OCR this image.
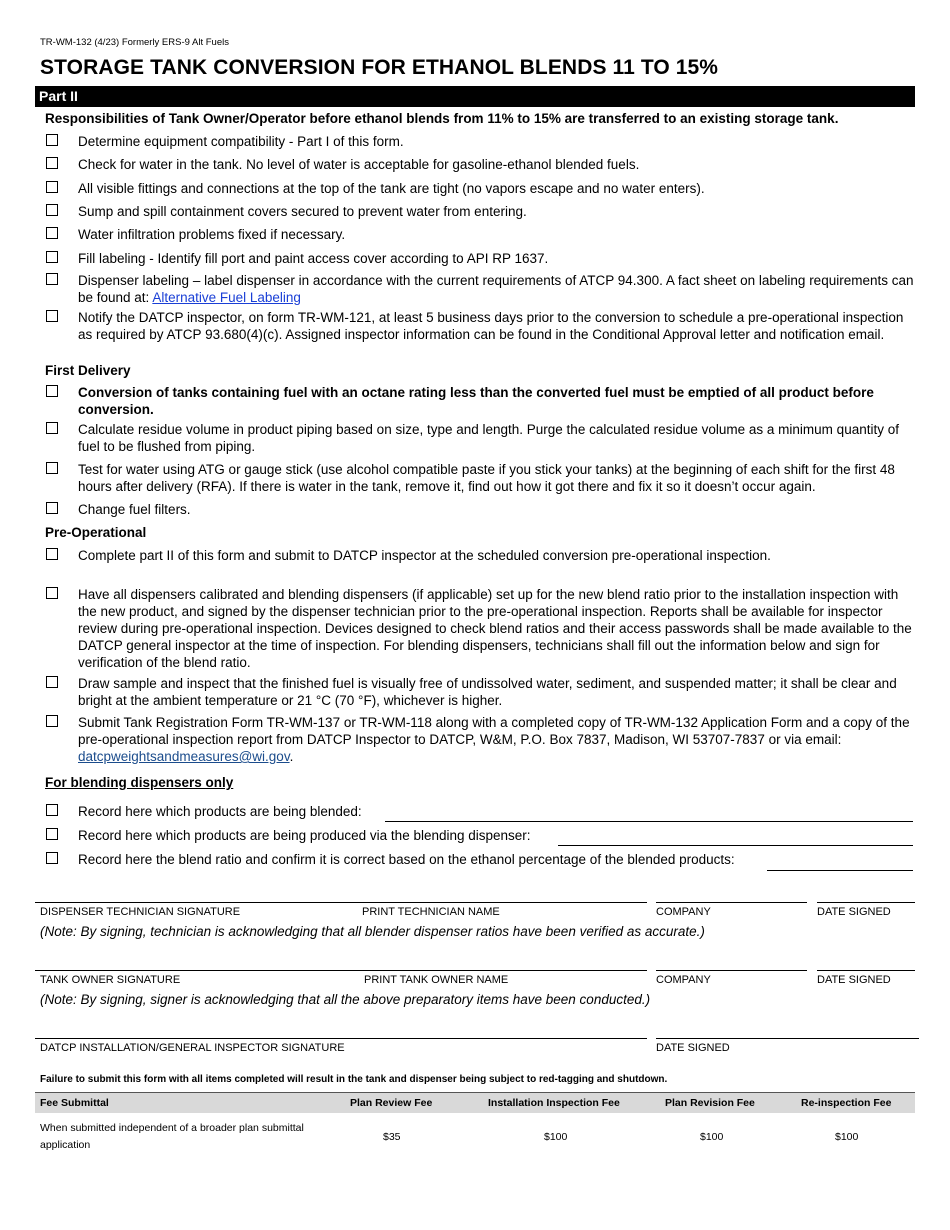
TR-WM-132 (4/23) Formerly ERS-9 Alt Fuels
STORAGE TANK CONVERSION FOR ETHANOL BLENDS 11 TO 15%
Part II
Responsibilities of Tank Owner/Operator before ethanol blends from 11% to 15% are transferred to an existing storage tank.
Determine equipment compatibility - Part I of this form.
Check for water in the tank. No level of water is acceptable for gasoline-ethanol blended fuels.
All visible fittings and connections at the top of the tank are tight (no vapors escape and no water enters).
Sump and spill containment covers secured to prevent water from entering.
Water infiltration problems fixed if necessary.
Fill labeling - Identify fill port and paint access cover according to API RP 1637.
Dispenser labeling – label dispenser in accordance with the current requirements of ATCP 94.300. A fact sheet on labeling requirements can be found at: Alternative Fuel Labeling
Notify the DATCP inspector, on form TR-WM-121, at least 5 business days prior to the conversion to schedule a pre-operational inspection as required by ATCP 93.680(4)(c). Assigned inspector information can be found in the Conditional Approval letter and notification email.
First Delivery
Conversion of tanks containing fuel with an octane rating less than the converted fuel must be emptied of all product before conversion.
Calculate residue volume in product piping based on size, type and length. Purge the calculated residue volume as a minimum quantity of fuel to be flushed from piping.
Test for water using ATG or gauge stick (use alcohol compatible paste if you stick your tanks) at the beginning of each shift for the first 48 hours after delivery (RFA). If there is water in the tank, remove it, find out how it got there and fix it so it doesn’t occur again.
Change fuel filters.
Pre-Operational
Complete part II of this form and submit to DATCP inspector at the scheduled conversion pre-operational inspection.
Have all dispensers calibrated and blending dispensers (if applicable) set up for the new blend ratio prior to the installation inspection with the new product, and signed by the dispenser technician prior to the pre-operational inspection. Reports shall be available for inspector review during pre-operational inspection. Devices designed to check blend ratios and their access passwords shall be made available to the DATCP general inspector at the time of inspection. For blending dispensers, technicians shall fill out the information below and sign for verification of the blend ratio.
Draw sample and inspect that the finished fuel is visually free of undissolved water, sediment, and suspended matter; it shall be clear and bright at the ambient temperature or 21 °C (70 °F), whichever is higher.
Submit Tank Registration Form TR-WM-137 or TR-WM-118 along with a completed copy of TR-WM-132 Application Form and a copy of the pre-operational inspection report from DATCP Inspector to DATCP, W&M, P.O. Box 7837, Madison, WI 53707-7837 or via email: datcpweightsandmeasures@wi.gov.
For blending dispensers only
Record here which products are being blended:
Record here which products are being produced via the blending dispenser:
Record here the blend ratio and confirm it is correct based on the ethanol percentage of the blended products:
DISPENSER TECHNICIAN SIGNATURE	PRINT TECHNICIAN NAME	COMPANY	DATE SIGNED
(Note: By signing, technician is acknowledging that all blender dispenser ratios have been verified as accurate.)
TANK OWNER SIGNATURE	PRINT TANK OWNER NAME	COMPANY	DATE SIGNED
(Note: By signing, signer is acknowledging that all the above preparatory items have been conducted.)
DATCP INSTALLATION/GENERAL INSPECTOR SIGNATURE	DATE SIGNED
Failure to submit this form with all items completed will result in the tank and dispenser being subject to red-tagging and shutdown.
Fee Submittal	Plan Review Fee	Installation Inspection Fee	Plan Revision Fee	Re-inspection Fee
When submitted independent of a broader plan submittal application
$35	$100	$100	$100
